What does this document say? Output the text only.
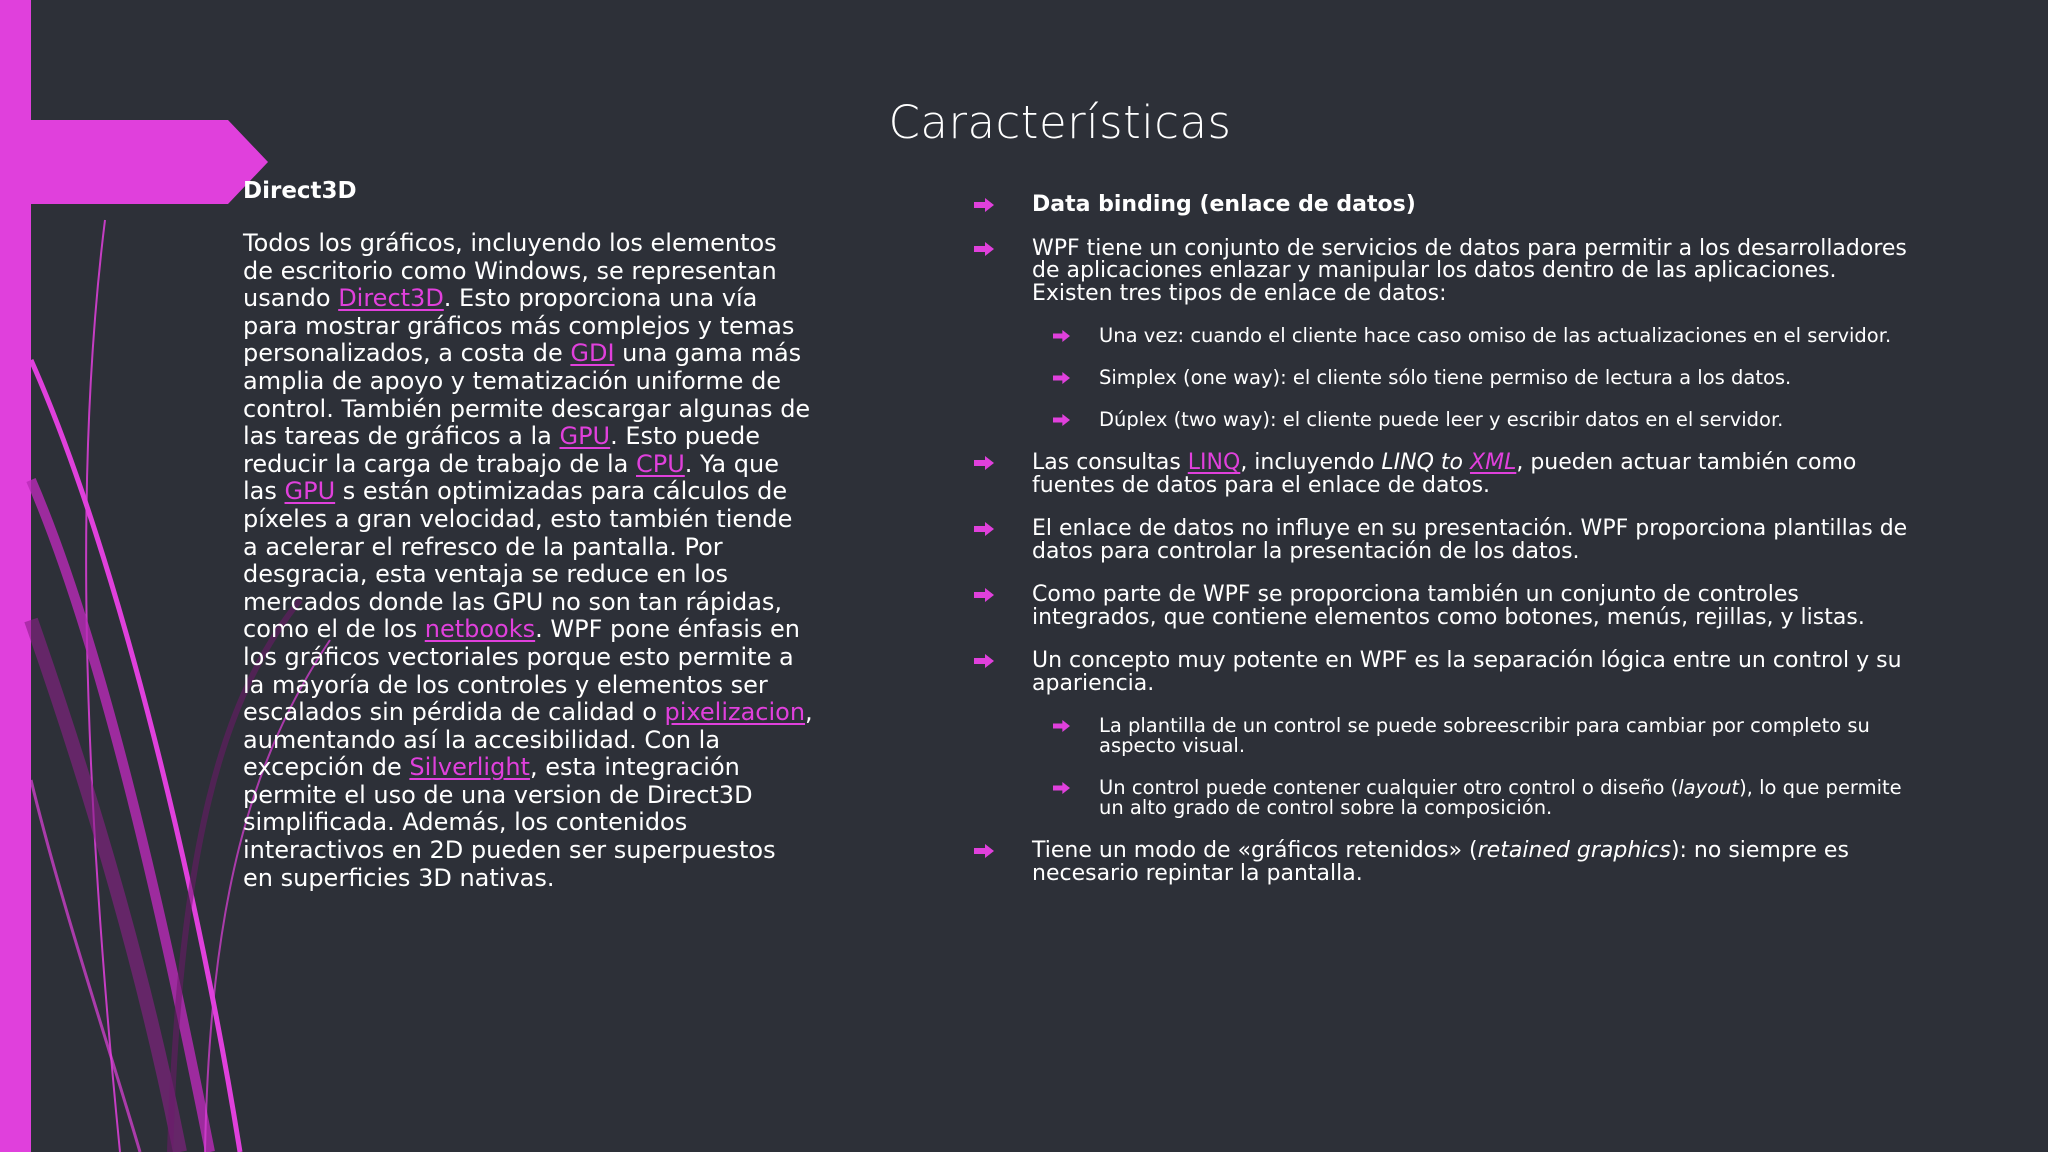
Características

Direct3D

Todos los gráficos, incluyendo los elementos de escritorio como Windows, se representan usando Direct3D. Esto proporciona una vía para mostrar gráficos más complejos y temas personalizados, a costa de GDI una gama más amplia de apoyo y tematización uniforme de control. También permite descargar algunas de las tareas de gráficos a la GPU. Esto puede reducir la carga de trabajo de la CPU. Ya que las GPU s están optimizadas para cálculos de píxeles a gran velocidad, esto también tiende a acelerar el refresco de la pantalla. Por desgracia, esta ventaja se reduce en los mercados donde las GPU no son tan rápidas, como el de los netbooks. WPF pone énfasis en los gráficos vectoriales porque esto permite a la mayoría de los controles y elementos ser escalados sin pérdida de calidad o pixelizacion, aumentando así la accesibilidad. Con la excepción de Silverlight, esta integración permite el uso de una version de Direct3D simplificada. Además, los contenidos interactivos en 2D pueden ser superpuestos en superficies 3D nativas.

Data binding (enlace de datos)
WPF tiene un conjunto de servicios de datos para permitir a los desarrolladores de aplicaciones enlazar y manipular los datos dentro de las aplicaciones. Existen tres tipos de enlace de datos:
Una vez: cuando el cliente hace caso omiso de las actualizaciones en el servidor.
Simplex (one way): el cliente sólo tiene permiso de lectura a los datos.
Dúplex (two way): el cliente puede leer y escribir datos en el servidor.
Las consultas LINQ, incluyendo LINQ to XML, pueden actuar también como fuentes de datos para el enlace de datos.
El enlace de datos no influye en su presentación. WPF proporciona plantillas de datos para controlar la presentación de los datos.
Como parte de WPF se proporciona también un conjunto de controles integrados, que contiene elementos como botones, menús, rejillas, y listas.
Un concepto muy potente en WPF es la separación lógica entre un control y su apariencia.
La plantilla de un control se puede sobreescribir para cambiar por completo su aspecto visual.
Un control puede contener cualquier otro control o diseño (layout), lo que permite un alto grado de control sobre la composición.
Tiene un modo de «gráficos retenidos» (retained graphics): no siempre es necesario repintar la pantalla.
